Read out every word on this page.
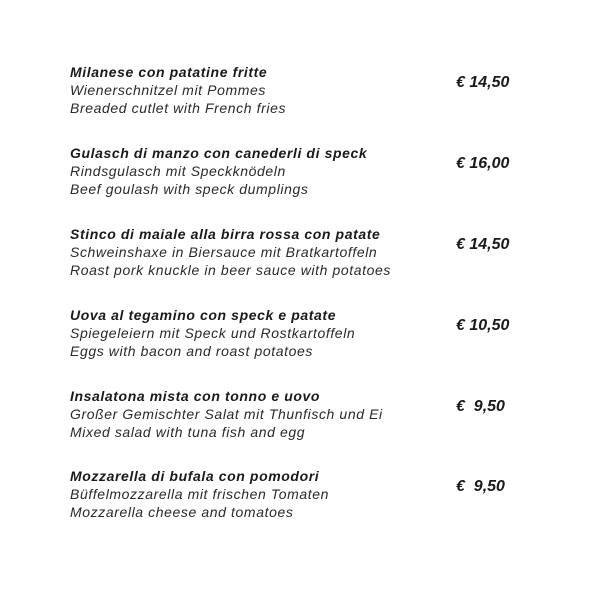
Milanese con patatine fritte
Wienerschnitzel mit Pommes
Breaded cutlet with French fries
€ 14,50
Gulasch di manzo con canederli di speck
Rindsgulasch mit Speckknödeln
Beef goulash with speck dumplings
€ 16,00
Stinco di maiale alla birra rossa con patate
Schweinshaxe in Biersauce mit Bratkartoffeln
Roast pork knuckle in beer sauce with potatoes
€ 14,50
Uova al tegamino con speck e patate
Spiegeleiern mit Speck und Rostkartoffeln
Eggs with bacon and roast potatoes
€ 10,50
Insalatona mista con tonno e uovo
Großer Gemischter Salat mit Thunfisch und Ei
Mixed salad with tuna fish and egg
€  9,50
Mozzarella di bufala con pomodori
Büffelmozzarella mit frischen Tomaten
Mozzarella cheese and tomatoes
€  9,50
